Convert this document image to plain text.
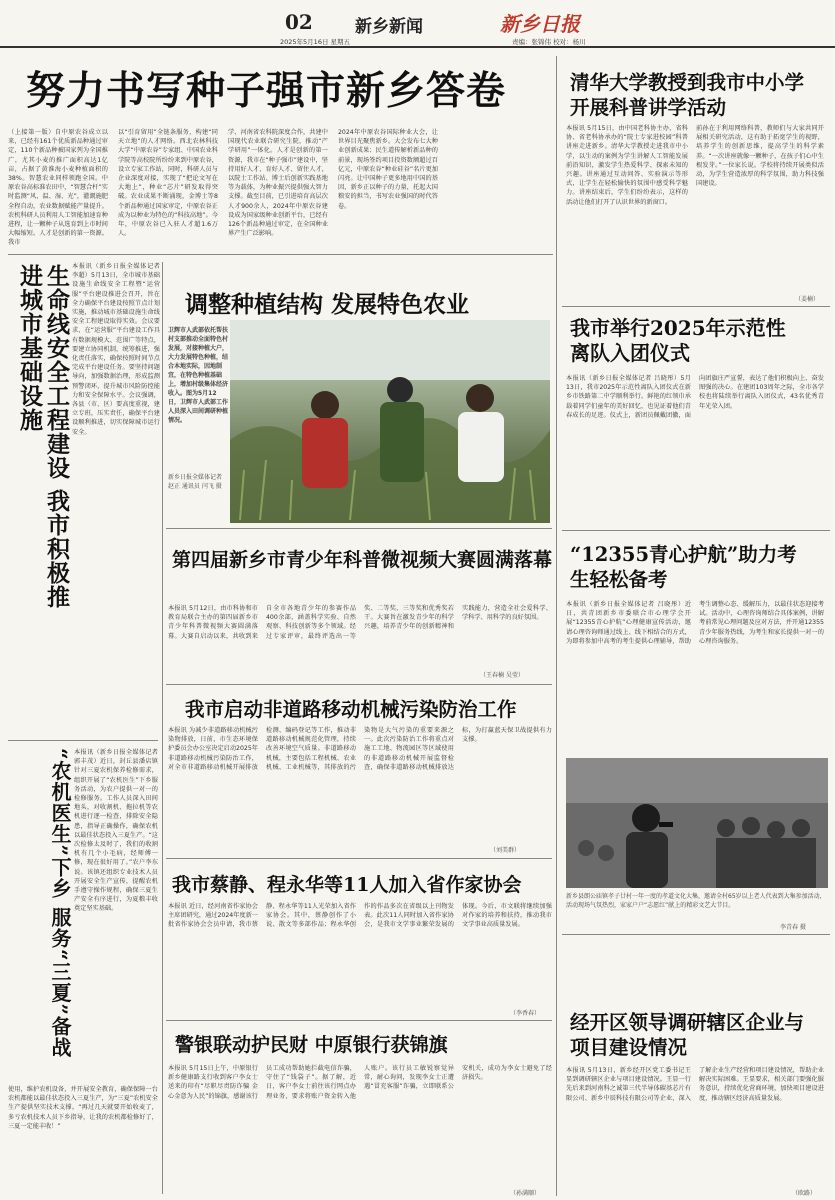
02 新乡新闻	新乡日报
2025年5月16日 星期五	责编：张锦伟 校对：杨川
努力书写种子强市新乡答卷
（上接第一版）自中原农谷成立以来，已经有161个优质新品种通过审定，110个新品种被国家列为全国推广，尤其小麦的推广面积高达1亿亩，占据了黄淮海小麦种植面积的38%。智慧农业同样领跑全国。中原农谷高标准农田中，“智慧合杆”实时监测“风、温、湿、光”，灌溉施肥全程自动，农业数据赋能产量提升。农机科研人员利用人工智能加速育种进程，让一颗种子从选育到上市时间大幅缩短。人才是创新的第一资源。我市
以“引育留用”全链条服务，构建“同天立地”的人才网络。西北农林科技大学“中原农谷”专家组、中国农业科学院等高校院所纷纷来到中原农谷，设立专家工作站，同时，科研人员与企业深度对接，实现了“把论文写在大地上”，种业“芯片”研发取得突破。农业成果不断涌现，金博士等8个新品种通过国家审定，中原农谷正成为以种业为特色的“科技高地”。今年，中原农谷已入驻人才超1.6万人。
学、河南省农科院深度合作，共建中国现代农业联合研究生院，推动“产学研用”一体化。人才是创新的第一资源，我市在“种子强市”建设中，坚持用好人才、育好人才、留住人才，以院士工作站、博士后创新实践基地等为载体，为种业振兴提供强大智力支撑。截至目前，已引进培育高层次人才900余人，2024年中原农谷建设成为国家级种业创新平台，已经有126个新品种通过审定，在全国种业界产生广泛影响。
2024年中原农谷国际种业大会，让世界目光聚焦新乡。大会发布七大种业创新成果；民生道传解析新品种的前景，现场签约项目投资数额超过百亿元，中原农谷“种业硅谷”名片更加闪亮。让中国种子更多地用中国的基因，新乡正以种子的力量，托起大国粮安的担当，书写农业强国的时代答卷。
生命线安全工程建设 我市积极推进城市基础设施	本报讯（新乡日报全媒体记者 李超）5月13日，全市城市基础设施生命线安全工程暨“运营服”平台建设推进会召开，旨在全力确保平台建设按照节点计划实施，推动城市基础设施生命线安全工程建设取得实效。会议要求，在“运营服”平台建设工作具有数据规模大、范围广等特点，要建立协同机制，统筹推进，强化责任落实，确保按照时间节点完成平台建设任务。要坚持问题导向，加强数据治理，形成监测预警闭环，提升城市风险防控能力和安全保障水平。会议强调，各县（市、区）要高度重视，建立专班，压实责任，确保平台建设顺利推进，切实保障城市运行安全。
“农机医生”下乡 服务“三夏”备战 本报讯（新乡日报全媒体记者 郭丰茂）近日，封丘县潘店镇针对三夏农机保养检修需求，组织开展了“农机医生”下乡服务活动，为农户提供一对一的检修服务。工作人员深入田间地头，对收割机、拖拉机等农机进行逐一检查，排除安全隐患，指导正确操作，确保农机以最佳状态投入三夏生产。“这次检修太及时了，我们的收割机有几个小毛病，经师傅一修，现在很好用了。”农户李东说。该镇还组织专业技术人员开展安全生产宣传，提醒农机手遵守操作规程，确保三夏生产安全有序进行，为夏粮丰收奠定坚实基础。
使用，维护农机设备，并开展安全教育，确保保障一台农机都能以最佳状态投入三夏生产，为“三夏”农机安全生产提供坚实技术支撑。“再过几天就要开始收麦了，多亏农机技术人员下乡指导，让我的农机都检修好了，三夏一定能丰收！”
调整种植结构 发展特色农业
卫辉市人武部依托帮扶村支部推动全面特色村发展，对接种植大户，大力发展特色种植，结合本地实际，因地制宜，在特色种植基础上，增加村级集体经济收入。图为5月12日，卫辉市人武部工作人员深入田间调研种植情况。
新乡日报全媒体记者 赵正 通讯员 闫飞 摄
第四届新乡市青少年科普微视频大赛圆满落幕
本报讯 5月12日，由市科协和市教育局联合主办的第四届新乡市青少年科普微视频大赛圆满落幕。大赛自启动以来，共收到来自全市各地青少年的参赛作品400余部，涵盖科学实验、自然观察、科技创新等多个领域。经过专家评审，最终评选出一等奖、二等奖、三等奖和优秀奖若干。大赛旨在激发青少年的科学兴趣，培养青少年的创新精神和实践能力，营造全社会爱科学、学科学、用科学的良好氛围。
（王春楠 吴莹）
我市启动非道路移动机械污染防治工作
本报讯 为减少非道路移动机械污染物排放，日前，市生态环境保护委员会办公室决定启动2025年非道路移动机械污染防治工作，对全市非道路移动机械开展排放检测、编码登记等工作，推动非道路移动机械规范化管理，持续改善环境空气质量。非道路移动机械，主要包括工程机械、农业机械、工业机械等，其排放的污染物是大气污染的重要来源之一。此次污染防治工作将重点对施工工地、物流园区等区域使用的非道路移动机械开展监督检查，确保非道路移动机械排放达标，为打赢蓝天保卫战提供有力支撑。
（刘美群）
我市蔡静、程永华等11人加入省作家协会
本报讯 近日，经河南省作家协会主席团研究，通过2024年度新一批省作家协会会员申请，我市蔡静、程永华等11人光荣加入省作家协会。其中，蔡静创作了小说、散文等多部作品；程永华创作的作品多次在省级以上刊物发表。此次11人同时加入省作家协会，是我市文学事业繁荣发展的体现。今后，市文联将继续加强对作家的培养和扶持，推动我市文学事业高质量发展。
（李香春）
警银联动护民财 中原银行获锦旗
本报讯 5月15日上午，中原银行新乡健康路支行收到客户李女士送来的印有“尽职尽责防诈骗 金心金意为人民”的锦旗，感谢该行员工成功帮助她拦截电信诈骗，守住了“钱袋子”。据了解，近日，客户李女士前往该行网点办理业务，要求将账户资金转入他人账户。该行员工敏锐察觉异常，耐心询问，发现李女士正遭遇“冒充客服”诈骗，立即联系公安机关，成功为李女士避免了经济损失。
（孙满顺）
清华大学教授到我市中小学开展科普讲学活动
本报讯 5月15日，由中国老科协主办，省科协、省老科协承办的“院士专家进校园”科普讲座走进新乡。清华大学教授走进我市中小学，以生动的案例为学生讲解人工智能发展前沿知识，激发学生热爱科学、探索未知的兴趣。讲座通过互动问答、实验演示等形式，让学生在轻松愉快的氛围中感受科学魅力。讲座结束后，学生们纷纷表示，这样的活动让他们打开了认识世界的新窗口。
前孙在于利用网络科普，教师们与大家共同开展相关研究活动，这有助于拓宽学生的视野，培养学生的创新思维，提高学生的科学素养。“一次讲座就像一颗种子，在孩子们心中生根发芽。”一位家长说。学校将持续开展类似活动，为学生营造浓厚的科学氛围，助力科技强国建设。
（姜楠）
我市举行2025年示范性离队入团仪式
本报讯（新乡日报全媒体记者 吕晓彤）5月13日，我市2025年示范性离队入团仪式在新乡市铁路第二中学顺利举行。鲜艳的红领巾承载着同学们童年的美好回忆，也见证着他们青春成长的足迹。仪式上，新团员佩戴团徽，面向团旗庄严宣誓，表达了他们积极向上、奋发图强的决心。在建团103周年之际，全市各学校也将陆续举行离队入团仪式，43名优秀青年光荣入团。
“12355青心护航”助力考生轻松备考
本报讯（新乡日报全媒体记者 吕晓彤）近日，共青团新乡市委联合市心理学会开展“12355青心护航”心理健康宣传活动，邀请心理咨询师通过线上、线下相结合的方式，为即将参加中高考的考生提供心理辅导，帮助考生调整心态、缓解压力，以最佳状态迎接考试。活动中，心理咨询师结合具体案例，讲解考前常见心理问题及应对方法，并开通12355青少年服务热线，为考生和家长提供一对一的心理咨询服务。
新乡县朗公庙镇孝子廿村一年一度的孝道文化大集，邀请全村65岁以上老人代表到大集参加活动，活动现场气氛热烈，家家户户“志愿红”献上的精彩文艺大节目。
李青春 摄
经开区领导调研辖区企业与项目建设情况
本报讯 5月13日，新乡经开区党工委书记王显到调研辖区企业与项目建设情况。王显一行先后来到河南科之诚第三代半导体碳基芯片有限公司、新乡中辰科技有限公司等企业，深入了解企业生产经营和项目建设情况，帮助企业解决实际困难。王显要求，相关部门要强化服务意识，持续优化营商环境，加快项目建设进度，推动辖区经济高质量发展。
（欧路）
